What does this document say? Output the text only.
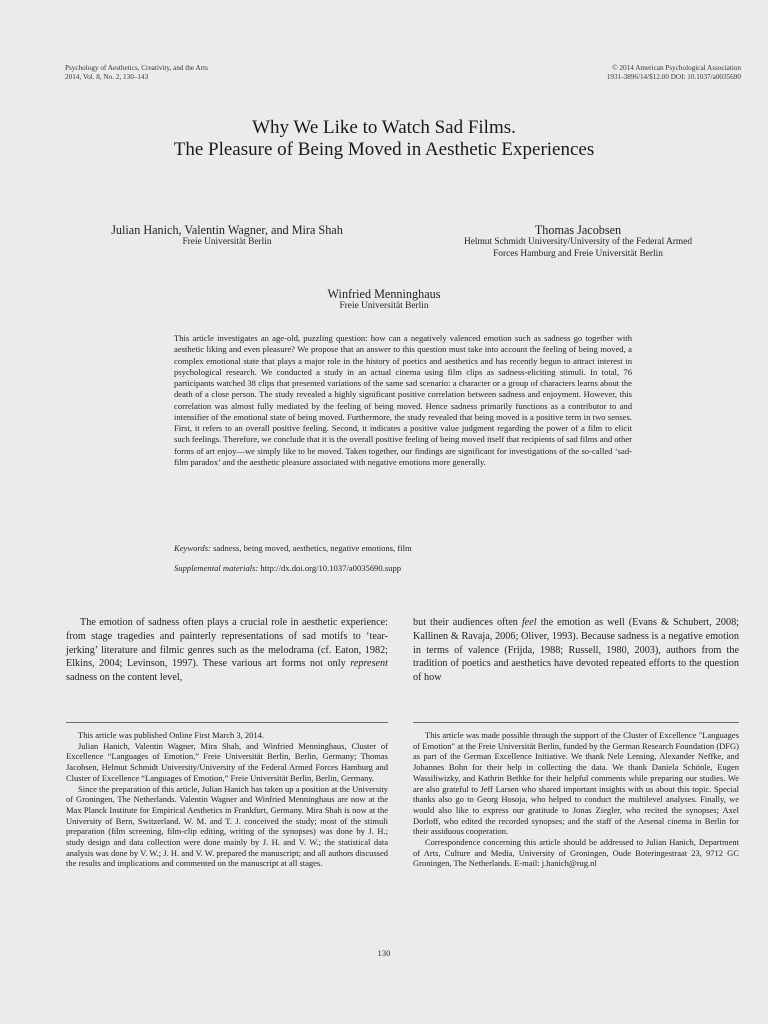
Psychology of Aesthetics, Creativity, and the Arts
2014, Vol. 8, No. 2, 130–143
© 2014 American Psychological Association
1931-3896/14/$12.00 DOI: 10.1037/a0035690
Why We Like to Watch Sad Films.
The Pleasure of Being Moved in Aesthetic Experiences
Julian Hanich, Valentin Wagner, and Mira Shah
Freie Universität Berlin
Thomas Jacobsen
Helmut Schmidt University/University of the Federal Armed
Forces Hamburg and Freie Universität Berlin
Winfried Menninghaus
Freie Universität Berlin
This article investigates an age-old, puzzling question: how can a negatively valenced emotion such as sadness go together with aesthetic liking and even pleasure? We propose that an answer to this question must take into account the feeling of being moved, a complex emotional state that plays a major role in the history of poetics and aesthetics and has recently begun to attract interest in psychological research. We conducted a study in an actual cinema using film clips as sadness-eliciting stimuli. In total, 76 participants watched 38 clips that presented variations of the same sad scenario: a character or a group of characters learns about the death of a close person. The study revealed a highly significant positive correlation between sadness and enjoyment. However, this correlation was almost fully mediated by the feeling of being moved. Hence sadness primarily functions as a contributor to and intensifier of the emotional state of being moved. Furthermore, the study revealed that being moved is a positive term in two senses. First, it refers to an overall positive feeling. Second, it indicates a positive value judgment regarding the power of a film to elicit such feelings. Therefore, we conclude that it is the overall positive feeling of being moved itself that recipients of sad films and other forms of art enjoy—we simply like to be moved. Taken together, our findings are significant for investigations of the so-called ‘sad-film paradox’ and the aesthetic pleasure associated with negative emotions more generally.
Keywords: sadness, being moved, aesthetics, negative emotions, film
Supplemental materials: http://dx.doi.org/10.1037/a0035690.supp
The emotion of sadness often plays a crucial role in aesthetic experience: from stage tragedies and painterly representations of sad motifs to ‘tear-jerking’ literature and filmic genres such as the melodrama (cf. Eaton, 1982; Elkins, 2004; Levinson, 1997). These various art forms not only represent sadness on the content level,
but their audiences often feel the emotion as well (Evans & Schubert, 2008; Kallinen & Ravaja, 2006; Oliver, 1993). Because sadness is a negative emotion in terms of valence (Frijda, 1988; Russell, 1980, 2003), authors from the tradition of poetics and aesthetics have devoted repeated efforts to the question of how

This article was published Online First March 3, 2014.

Julian Hanich, Valentin Wagner, Mira Shah, and Winfried Menninghaus, Cluster of Excellence “Languages of Emotion,” Freie Universität Berlin, Berlin, Germany; Thomas Jacobsen, Helmut Schmidt University/University of the Federal Armed Forces Hamburg and Cluster of Excellence “Languages of Emotion,” Freie Universität Berlin, Berlin, Germany.

Since the preparation of this article, Julian Hanich has taken up a position at the University of Groningen, The Netherlands. Valentin Wagner and Winfried Menninghaus are now at the Max Planck Institute for Empirical Aesthetics in Frankfurt, Germany. Mira Shah is now at the University of Bern, Switzerland. W. M. and T. J. conceived the study; most of the stimuli preparation (film screening, film-clip editing, writing of the synopses) was done by J. H.; study design and data collection were done mainly by J. H. and V. W.; the statistical data analysis was done by V. W.; J. H. and V. W. prepared the manuscript; and all authors discussed the results and implications and commented on the manuscript at all stages.

This article was made possible through the support of the Cluster of Excellence "Languages of Emotion" at the Freie Universität Berlin, funded by the German Research Foundation (DFG) as part of the German Excellence Initiative. We thank Nele Lensing, Alexander Neffke, and Johannes Bohn for their help in collecting the data. We thank Daniela Schönle, Eugen Wassiliwizky, and Kathrin Bethke for their helpful comments while preparing our studies. We are also grateful to Jeff Larsen who shared important insights with us about this topic. Special thanks also go to Georg Hosoja, who helped to conduct the multilevel analyses. Finally, we would also like to express our gratitude to Jonas Ziegler, who recited the synopses; Axel Dorloff, who edited the recorded synopses; and the staff of the Arsenal cinema in Berlin for their assiduous cooperation.

Correspondence concerning this article should be addressed to Julian Hanich, Department of Arts, Culture and Media, University of Groningen, Oude Boteringestraat 23, 9712 GC Groningen, The Netherlands. E-mail: j.hanich@rug.nl

130
